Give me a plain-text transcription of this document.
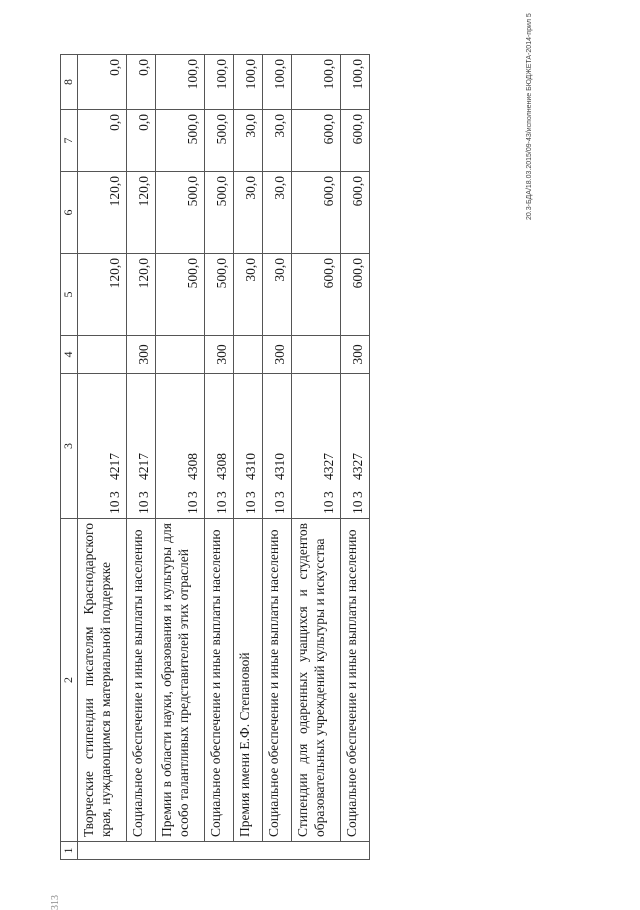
313
1	2	3	4	5	6	7	8
	Творческие стипендии писателям Краснодарского края, нуждающимся в материальной поддержке	1034217		120,0	120,0	0,0	0,0
	Социальное обеспечение и иные выплаты населению	1034217	300	120,0	120,0	0,0	0,0
	Премии в области науки, образования и культуры для особо талантливых представителей этих отраслей	1034308		500,0	500,0	500,0	100,0
	Социальное обеспечение и иные выплаты населению	1034308	300	500,0	500,0	500,0	100,0
	Премия имени Е.Ф. Степановой	1034310		30,0	30,0	30,0	100,0
	Социальное обеспечение и иные выплаты населению	1034310	300	30,0	30,0	30,0	100,0
	Стипендии для одаренных учащихся и студентов образовательных учреждений культуры и искусства	1034327		600,0	600,0	600,0	100,0
	Социальное обеспечение и иные выплаты населению	1034327	300	600,0	600,0	600,0	100,0	20.3-БДА/18.03.2015/09-43/исполнение БЮДЖЕТА-2014-прил 5
